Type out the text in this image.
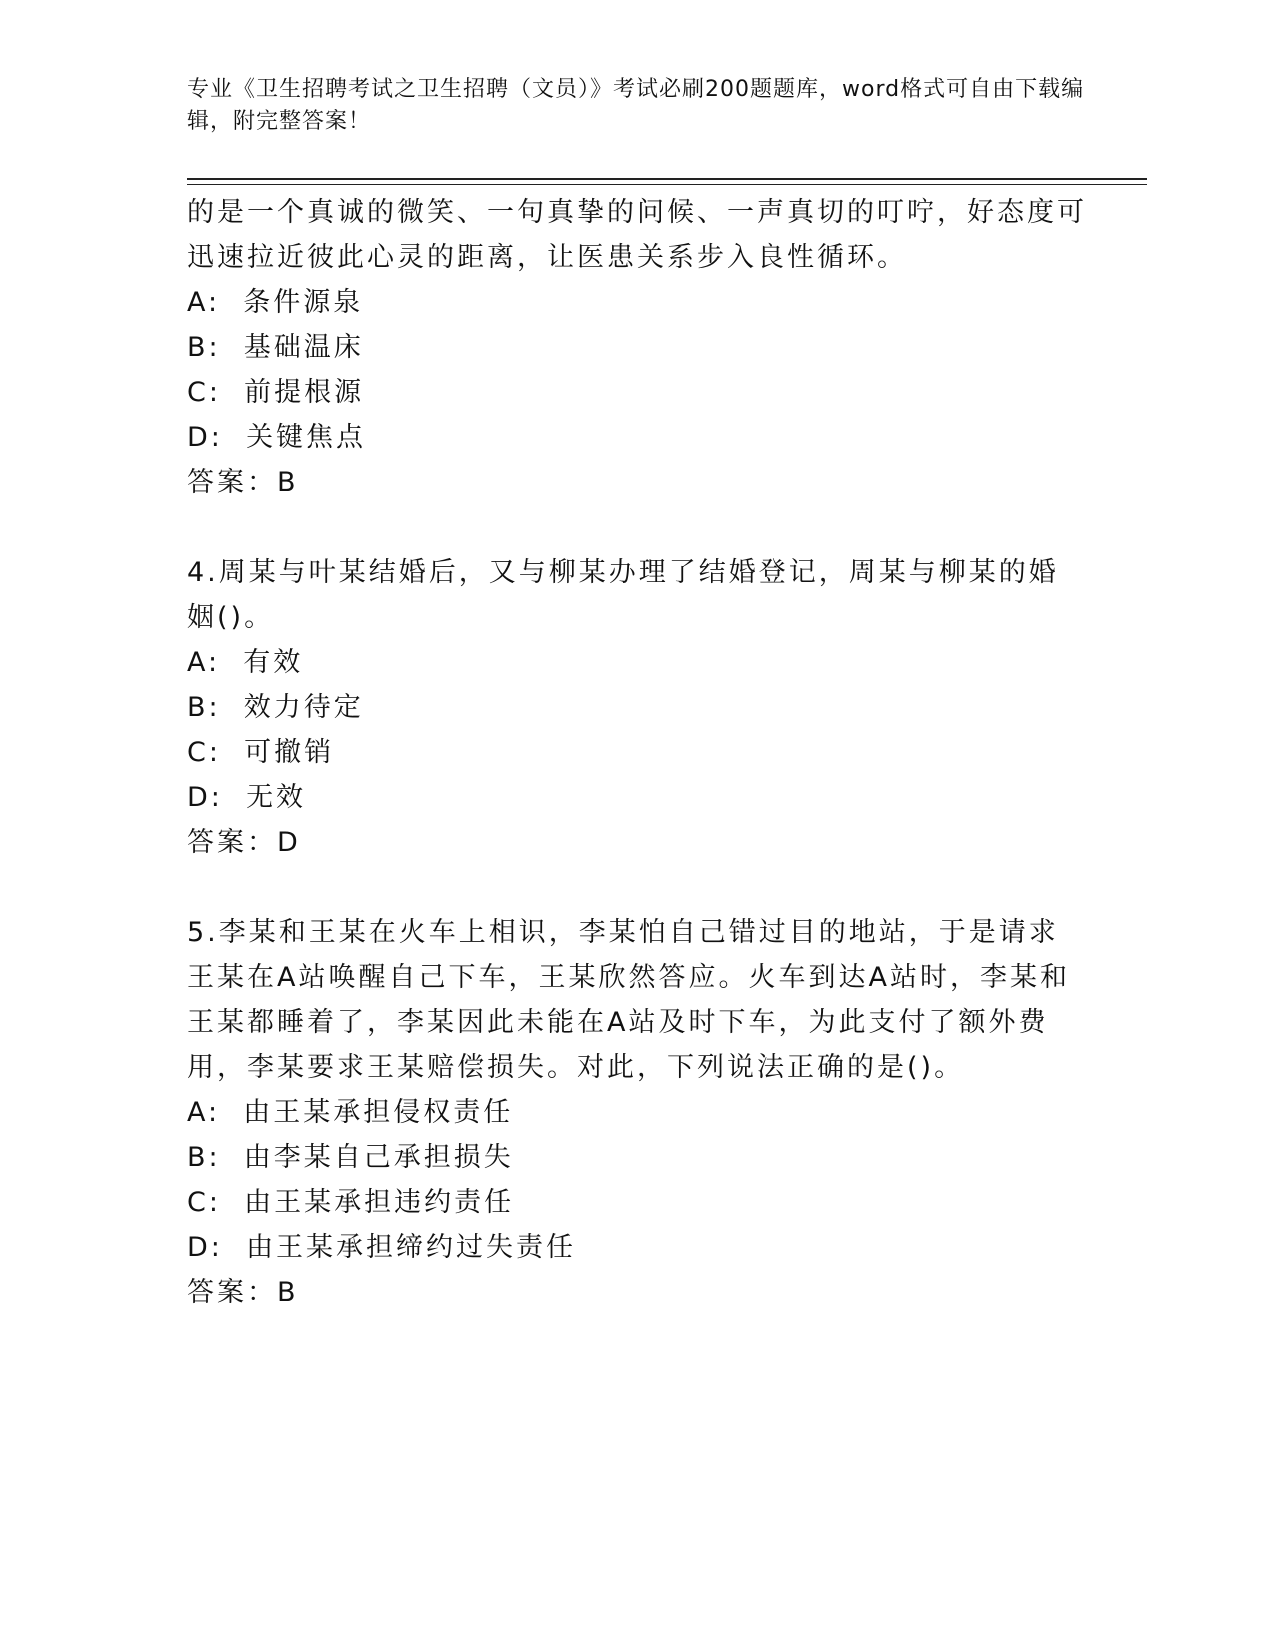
专业《卫生招聘考试之卫生招聘（文员）》考试必刷200题题库，word格式可自由下载编辑，附完整答案！

的是一个真诚的微笑、一句真挚的问候、一声真切的叮咛，好态度可迅速拉近彼此心灵的距离，让医患关系步入良性循环。

A: 条件源泉

B: 基础温床

C: 前提根源

D: 关键焦点

答案：B

4.周某与叶某结婚后，又与柳某办理了结婚登记，周某与柳某的婚姻()。

A: 有效

B: 效力待定

C: 可撤销

D: 无效

答案：D

5.李某和王某在火车上相识，李某怕自己错过目的地站，于是请求王某在A站唤醒自己下车，王某欣然答应。火车到达A站时，李某和王某都睡着了，李某因此未能在A站及时下车，为此支付了额外费用，李某要求王某赔偿损失。对此，下列说法正确的是()。

A: 由王某承担侵权责任

B: 由李某自己承担损失

C: 由王某承担违约责任

D: 由王某承担缔约过失责任

答案：B
